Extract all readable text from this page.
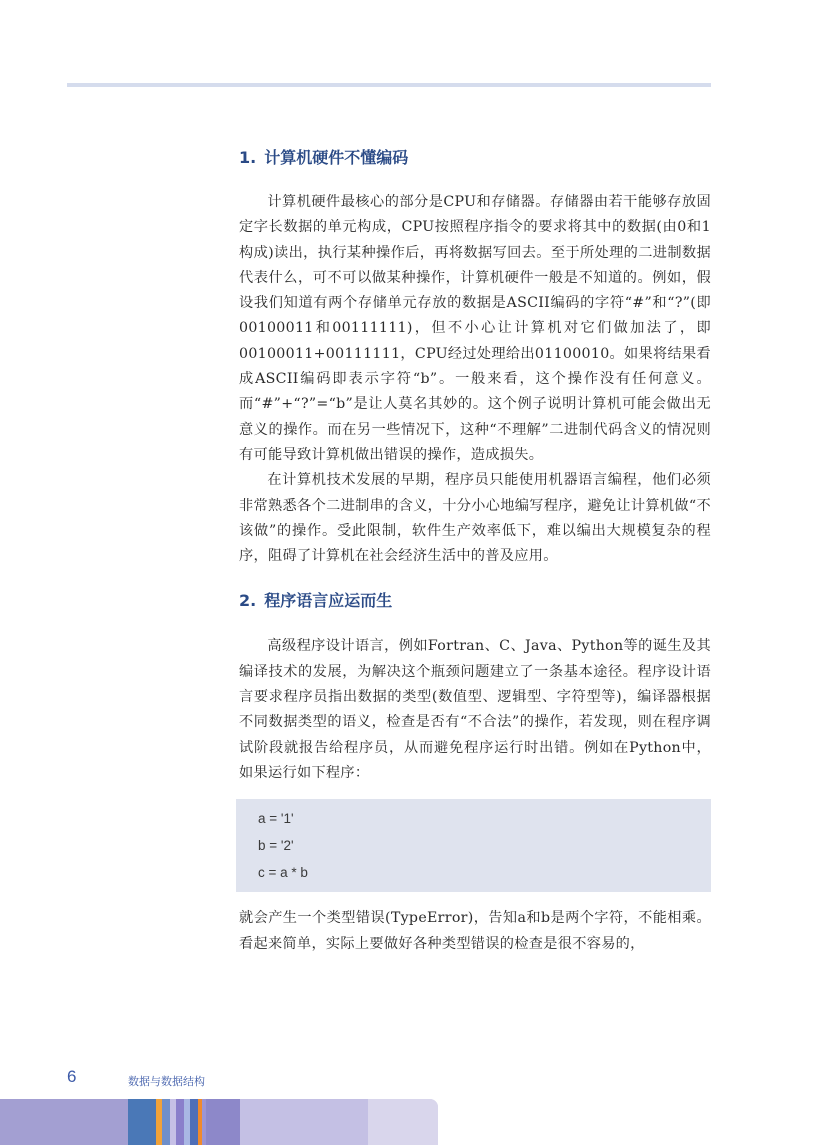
1. 计算机硬件不懂编码

计算机硬件最核心的部分是CPU和存储器。存储器由若干能够存放固定字长数据的单元构成，CPU按照程序指令的要求将其中的数据(由0和1构成)读出，执行某种操作后，再将数据写回去。至于所处理的二进制数据代表什么，可不可以做某种操作，计算机硬件一般是不知道的。例如，假设我们知道有两个存储单元存放的数据是ASCII编码的字符“#”和“?”(即00100011和00111111)，但不小心让计算机对它们做加法了，即00100011+00111111，CPU经过处理给出01100010。如果将结果看成ASCII编码即表示字符“b”。一般来看，这个操作没有任何意义。而“#”+“?”=“b”是让人莫名其妙的。这个例子说明计算机可能会做出无意义的操作。而在另一些情况下，这种“不理解”二进制代码含义的情况则有可能导致计算机做出错误的操作，造成损失。

在计算机技术发展的早期，程序员只能使用机器语言编程，他们必须非常熟悉各个二进制串的含义，十分小心地编写程序，避免让计算机做“不该做”的操作。受此限制，软件生产效率低下，难以编出大规模复杂的程序，阻碍了计算机在社会经济生活中的普及应用。

2. 程序语言应运而生

高级程序设计语言，例如Fortran、C、Java、Python等的诞生及其编译技术的发展，为解决这个瓶颈问题建立了一条基本途径。程序设计语言要求程序员指出数据的类型(数值型、逻辑型、字符型等)，编译器根据不同数据类型的语义，检查是否有“不合法”的操作，若发现，则在程序调试阶段就报告给程序员，从而避免程序运行时出错。例如在Python中，如果运行如下程序：

a = '1'
b = '2'
c = a * b

就会产生一个类型错误(TypeError)，告知a和b是两个字符，不能相乘。看起来简单，实际上要做好各种类型错误的检查是很不容易的，

6	数据与数据结构
